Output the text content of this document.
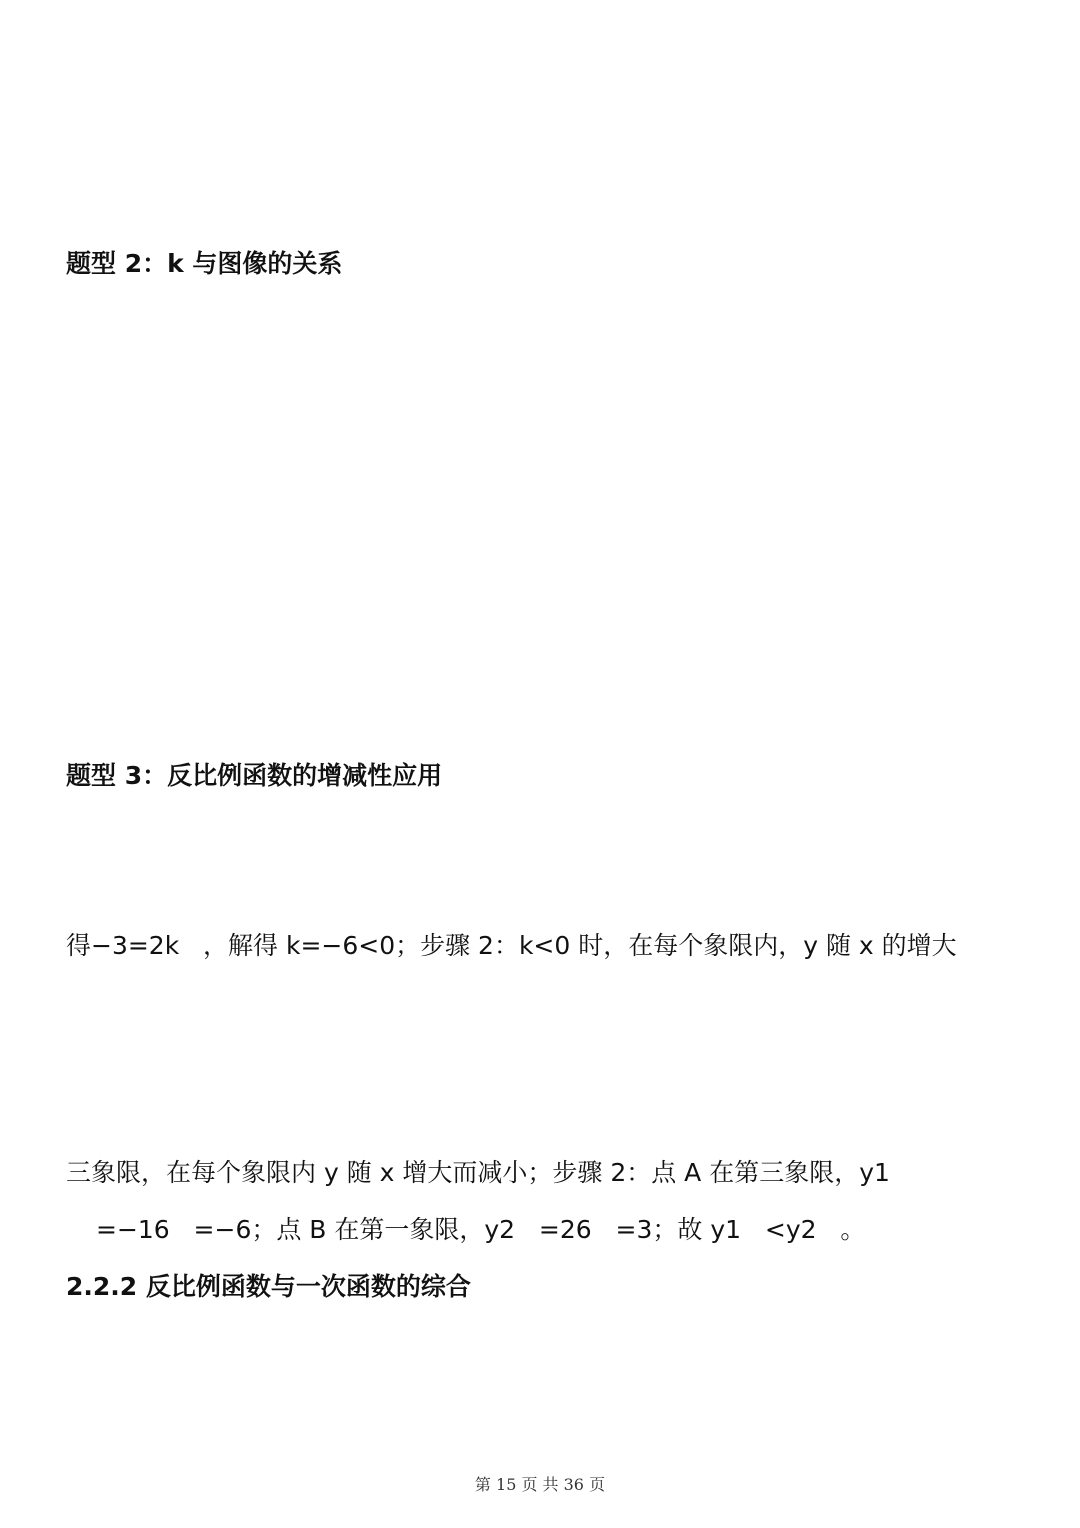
题型 2：k 与图像的关系

题型 3：反比例函数的增减性应用

得−3=2k   ，解得 k=−6<0；步骤 2：k<0 时，在每个象限内，y 随 x 的增大

三象限，在每个象限内 y 随 x 增大而减小；步骤 2：点 A 在第三象限，y1
=−16   =−6；点 B 在第一象限，y2   =26   =3；故 y1   <y2   。
2.2.2 反比例函数与一次函数的综合

第 15 页 共 36 页
